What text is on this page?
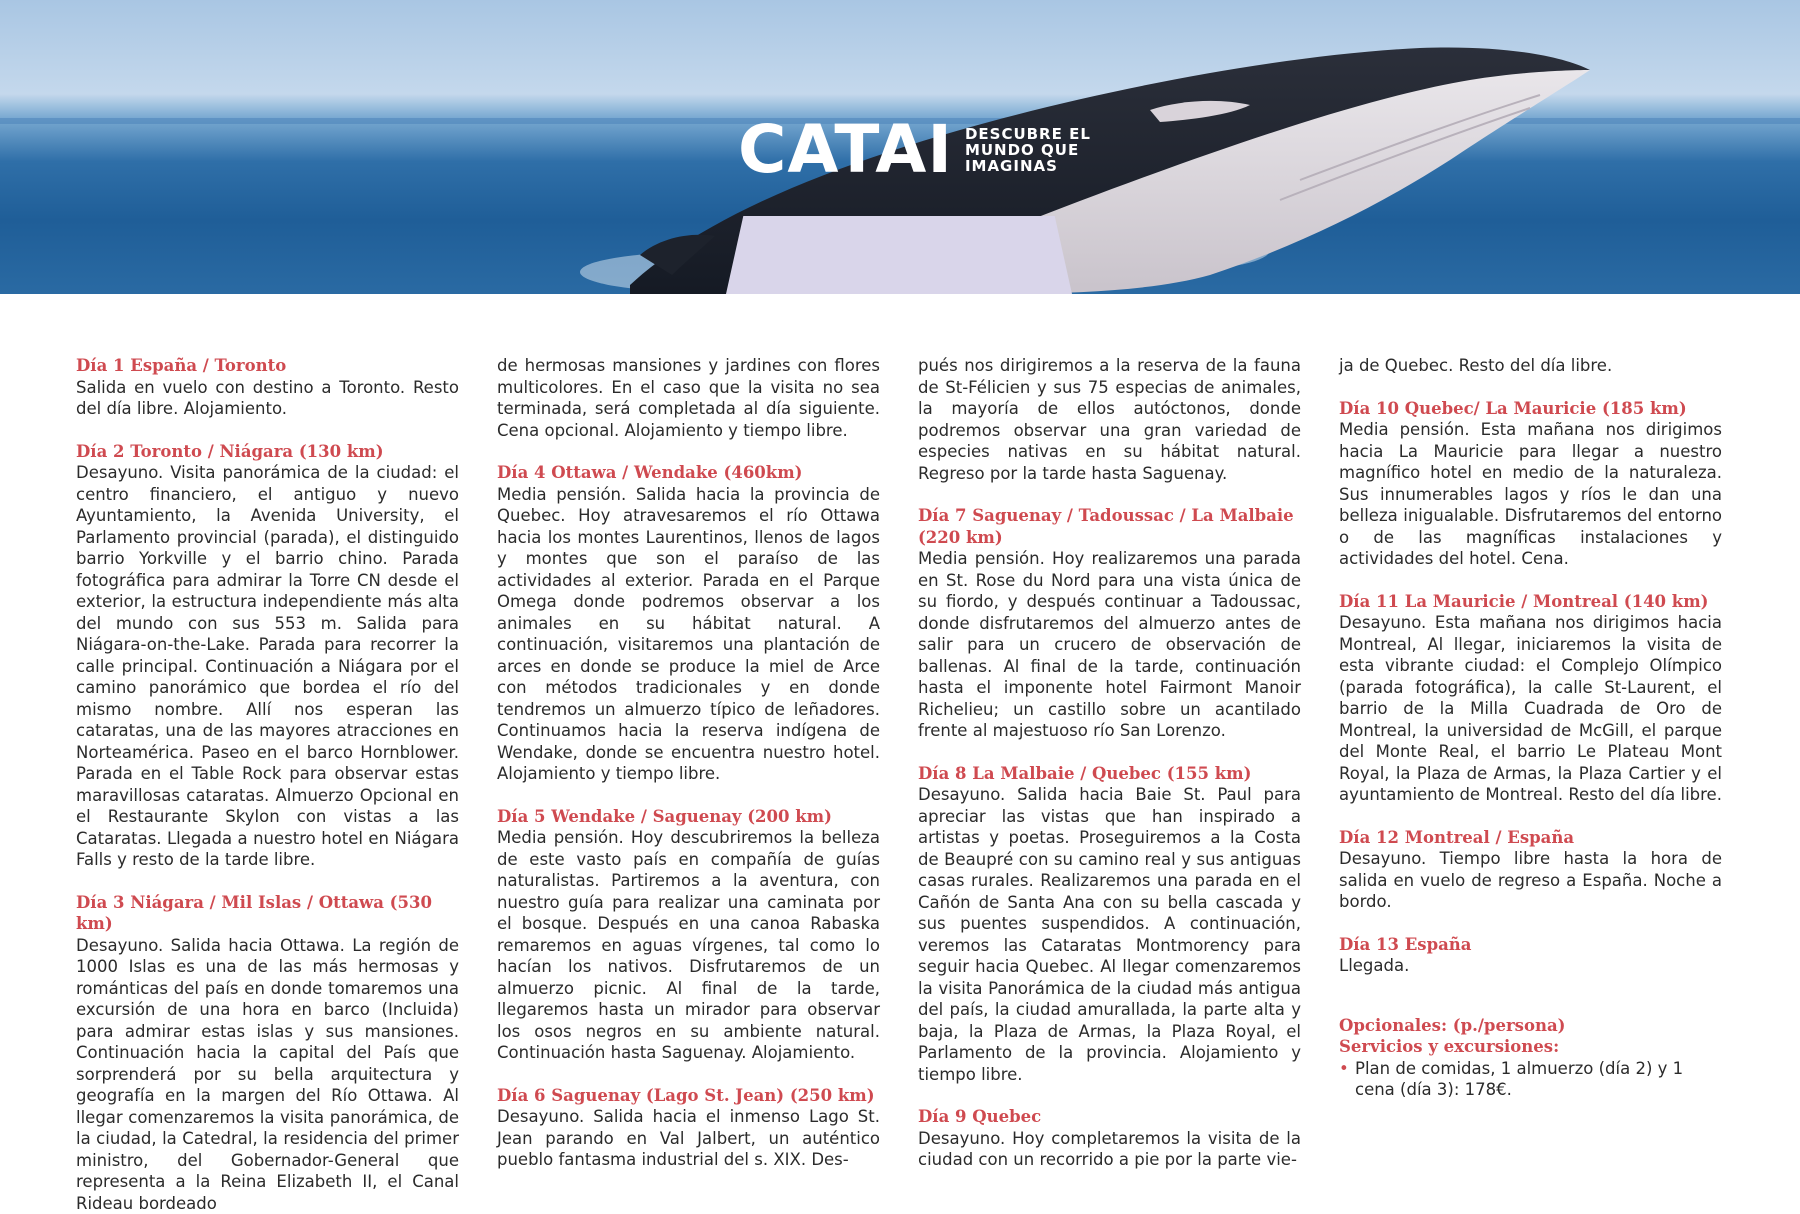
CATAI DESCUBRE EL
MUNDO QUE
IMAGINAS

Día 1 España / Toronto

Salida en vuelo con destino a Toronto. Resto del día libre. Alojamiento.

Día 2 Toronto / Niágara (130 km)

Desayuno. Visita panorámica de la ciudad: el centro financiero, el antiguo y nuevo Ayuntamiento, la Avenida University, el Parlamento provincial (parada), el distinguido barrio Yorkville y el barrio chino. Parada fotográfica para admirar la Torre CN desde el exterior, la estructura independiente más alta del mundo con sus 553 m. Salida para Niágara-on-the-Lake. Parada para recorrer la calle principal. Continuación a Niágara por el camino panorámico que bordea el río del mismo nombre. Allí nos esperan las cataratas, una de las mayores atracciones en Norteamérica. Paseo en el barco Hornblower. Parada en el Table Rock para observar estas maravillosas cataratas. Almuerzo Opcional en el Restaurante Skylon con vistas a las Cataratas. Llegada a nuestro hotel en Niágara Falls y resto de la tarde libre.

Día 3 Niágara / Mil Islas / Ottawa (530 km)

Desayuno. Salida hacia Ottawa. La región de 1000 Islas es una de las más hermosas y románticas del país en donde tomaremos una excursión de una hora en barco (Incluida) para admirar estas islas y sus mansiones. Continuación hacia la capital del País que sorprenderá por su bella arquitectura y geografía en la margen del Río Ottawa. Al llegar comenzaremos la visita panorámica, de la ciudad, la Catedral, la residencia del primer ministro, del Gobernador-General que representa a la Reina Elizabeth II, el Canal Rideau bordeado

de hermosas mansiones y jardines con flores multicolores. En el caso que la visita no sea terminada, será completada al día siguiente. Cena opcional. Alojamiento y tiempo libre.

Día 4 Ottawa / Wendake (460km)

Media pensión. Salida hacia la provincia de Quebec. Hoy atravesaremos el río Ottawa hacia los montes Laurentinos, llenos de lagos y montes que son el paraíso de las actividades al exterior. Parada en el Parque Omega donde podremos observar a los animales en su hábitat natural. A continuación, visitaremos una plantación de arces en donde se produce la miel de Arce con métodos tradicionales y en donde tendremos un almuerzo típico de leñadores. Continuamos hacia la reserva indígena de Wendake, donde se encuentra nuestro hotel. Alojamiento y tiempo libre.

Día 5 Wendake / Saguenay (200 km)

Media pensión. Hoy descubriremos la belleza de este vasto país en compañía de guías naturalistas. Partiremos a la aventura, con nuestro guía para realizar una caminata por el bosque. Después en una canoa Rabaska remaremos en aguas vírgenes, tal como lo hacían los nativos. Disfrutaremos de un almuerzo picnic. Al final de la tarde, llegaremos hasta un mirador para observar los osos negros en su ambiente natural. Continuación hasta Saguenay. Alojamiento.

Día 6 Saguenay (Lago St. Jean) (250 km)

Desayuno. Salida hacia el inmenso Lago St. Jean parando en Val Jalbert, un auténtico pueblo fantasma industrial del s. XIX. Des-

pués nos dirigiremos a la reserva de la fauna de St-Félicien y sus 75 especias de animales, la mayoría de ellos autóctonos, donde podremos observar una gran variedad de especies nativas en su hábitat natural. Regreso por la tarde hasta Saguenay.

Día 7 Saguenay / Tadoussac / La Malbaie (220 km)

Media pensión. Hoy realizaremos una parada en St. Rose du Nord para una vista única de su fiordo, y después continuar a Tadoussac, donde disfrutaremos del almuerzo antes de salir para un crucero de observación de ballenas. Al final de la tarde, continuación hasta el imponente hotel Fairmont Manoir Richelieu; un castillo sobre un acantilado frente al majestuoso río San Lorenzo.

Día 8 La Malbaie / Quebec (155 km)

Desayuno. Salida hacia Baie St. Paul para apreciar las vistas que han inspirado a artistas y poetas. Proseguiremos a la Costa de Beaupré con su camino real y sus antiguas casas rurales. Realizaremos una parada en el Cañón de Santa Ana con su bella cascada y sus puentes suspendidos. A continuación, veremos las Cataratas Montmorency para seguir hacia Quebec. Al llegar comenzaremos la visita Panorámica de la ciudad más antigua del país, la ciudad amurallada, la parte alta y baja, la Plaza de Armas, la Plaza Royal, el Parlamento de la provincia. Alojamiento y tiempo libre.

Día 9 Quebec

Desayuno. Hoy completaremos la visita de la ciudad con un recorrido a pie por la parte vie-

ja de Quebec. Resto del día libre.

Día 10 Quebec/ La Mauricie (185 km)

Media pensión. Esta mañana nos dirigimos hacia La Mauricie para llegar a nuestro magnífico hotel en medio de la naturaleza. Sus innumerables lagos y ríos le dan una belleza inigualable. Disfrutaremos del entorno o de las magníficas instalaciones y actividades del hotel. Cena.

Día 11 La Mauricie / Montreal (140 km)

Desayuno. Esta mañana nos dirigimos hacia Montreal, Al llegar, iniciaremos la visita de esta vibrante ciudad: el Complejo Olímpico (parada fotográfica), la calle St-Laurent, el barrio de la Milla Cuadrada de Oro de Montreal, la universidad de McGill, el parque del Monte Real, el barrio Le Plateau Mont Royal, la Plaza de Armas, la Plaza Cartier y el ayuntamiento de Montreal. Resto del día libre.

Día 12 Montreal / España

Desayuno. Tiempo libre hasta la hora de salida en vuelo de regreso a España. Noche a bordo.

Día 13 España

Llegada.

Opcionales: (p./persona)

Servicios y excursiones:

• Plan de comidas, 1 almuerzo (día 2) y 1 cena (día 3): 178€.
